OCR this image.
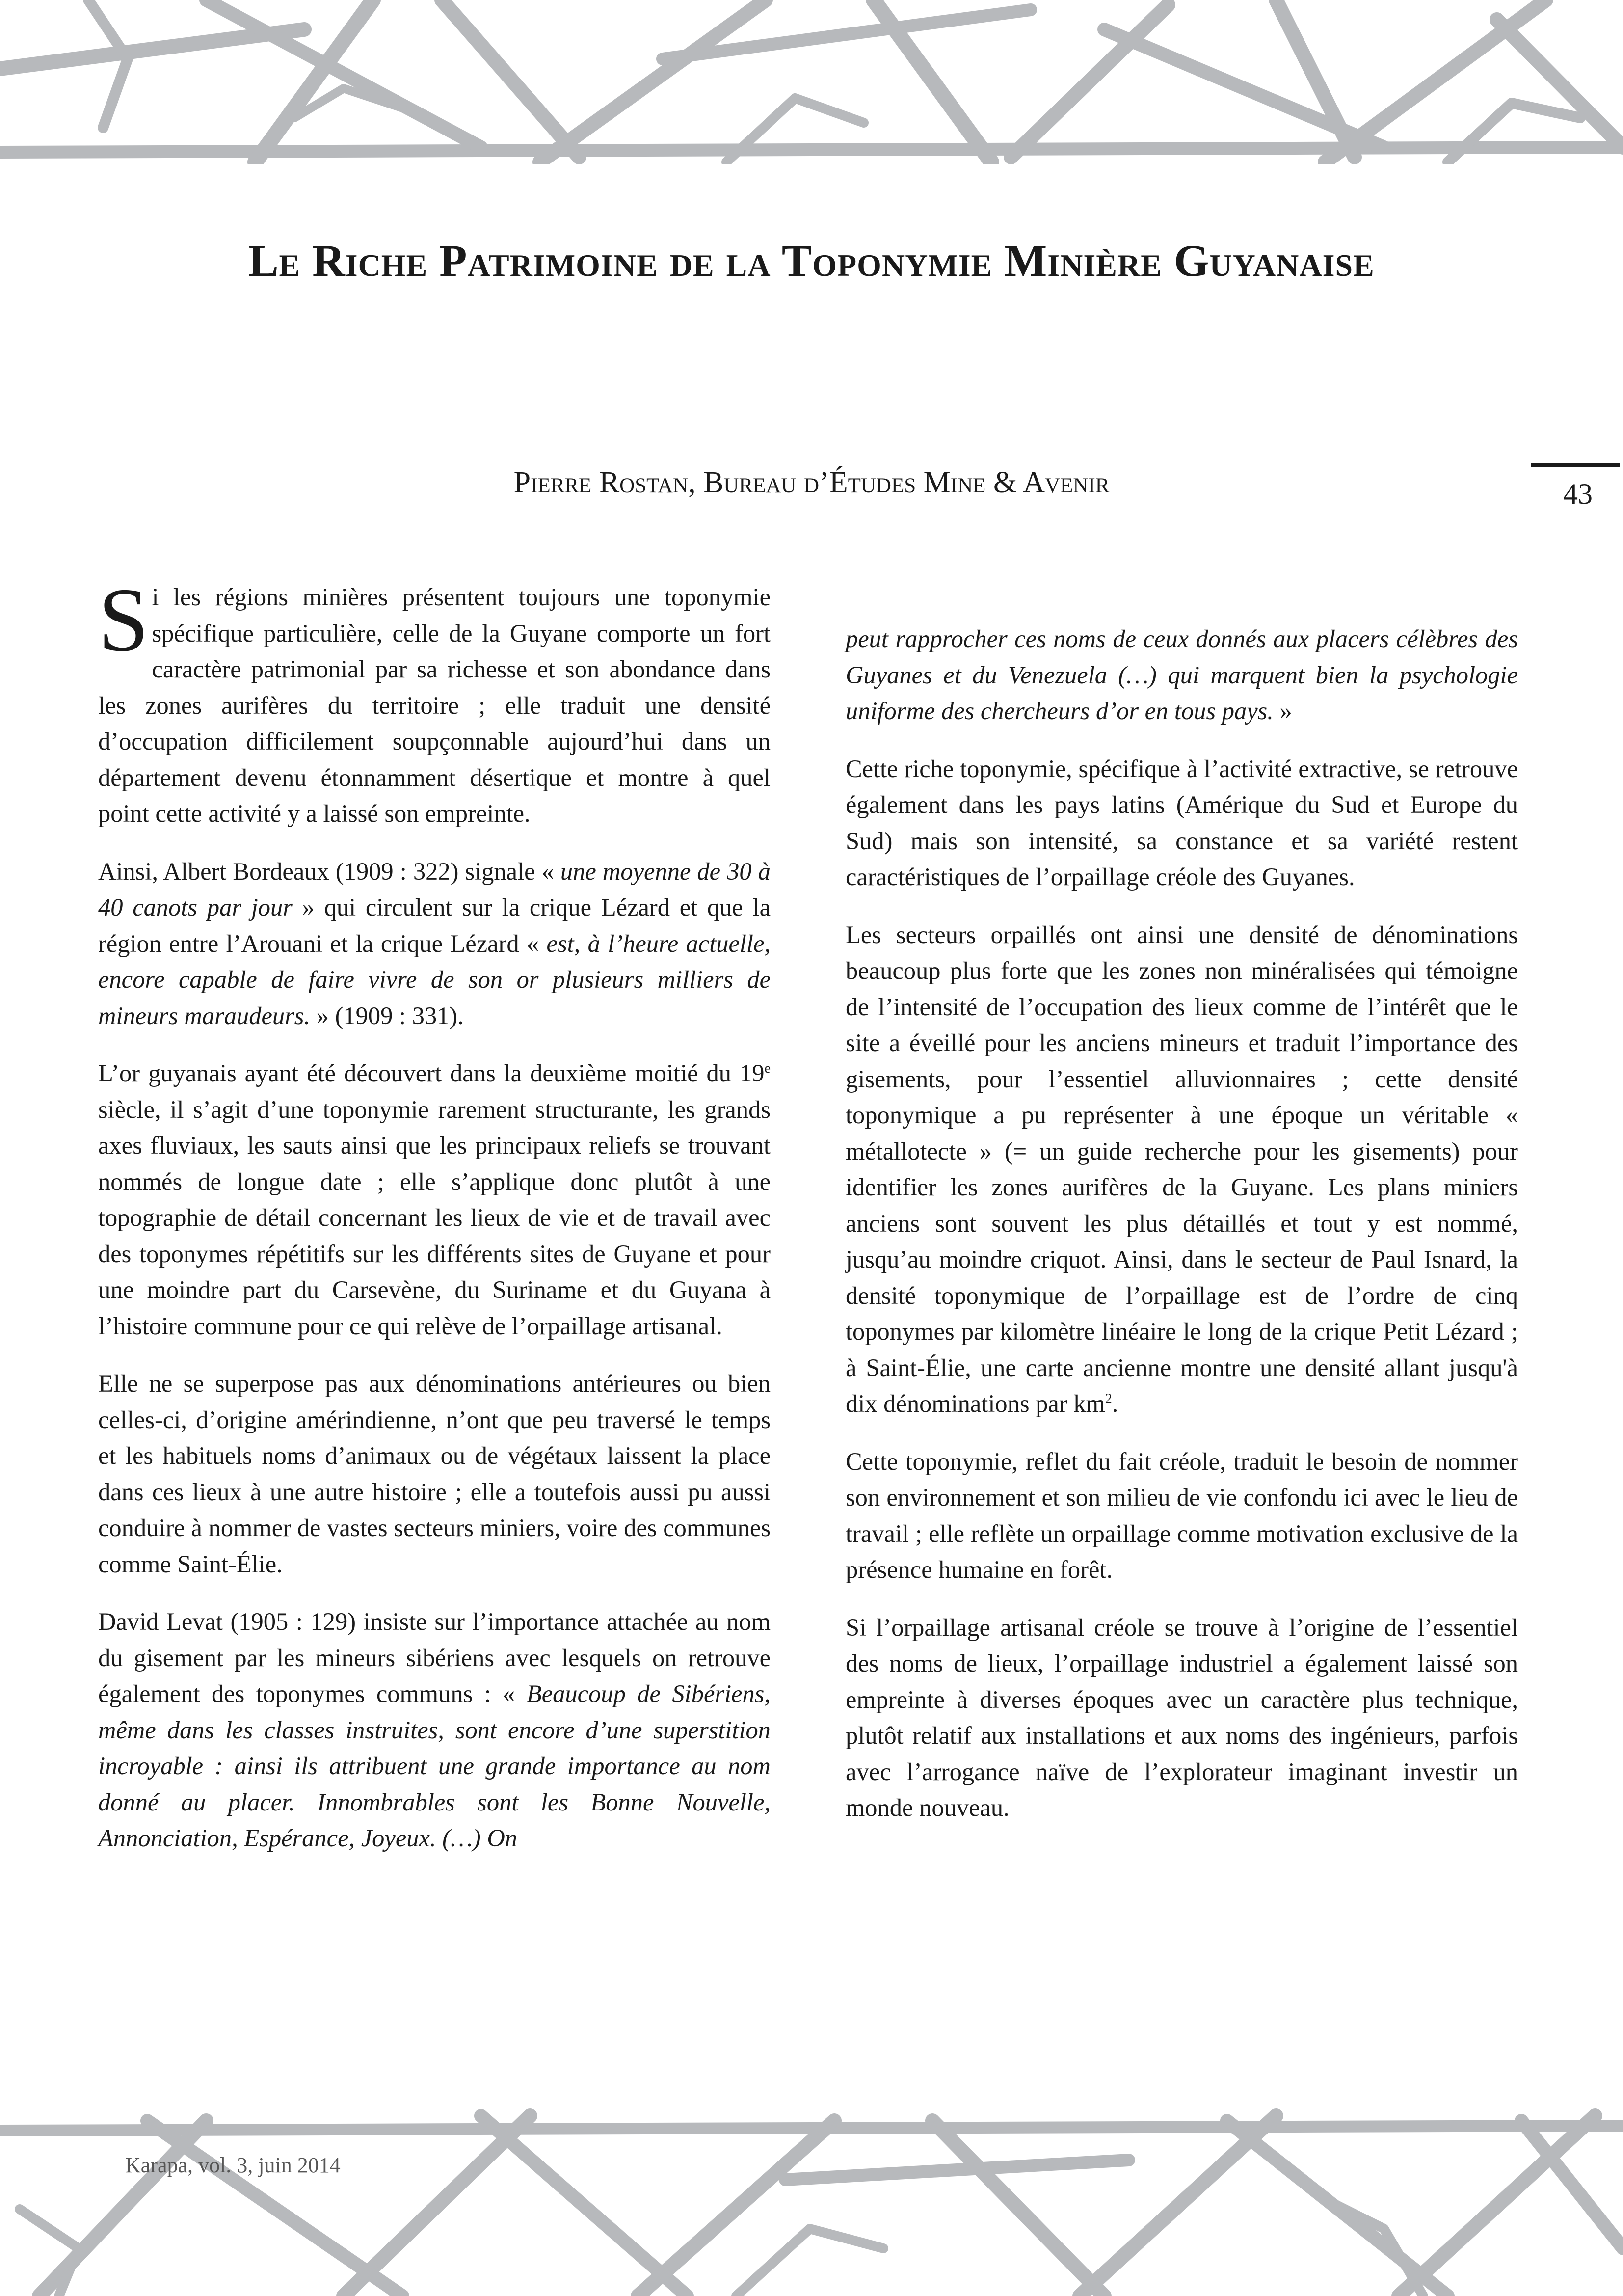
Le Riche Patrimoine de la Toponymie Minière Guyanaise
43

Pierre Rostan, Bureau d’Études Mine & Avenir

Si les régions minières présentent toujours une toponymie spécifique particulière, celle de la Guyane comporte un fort caractère patrimonial par sa richesse et son abondance dans les zones aurifères du territoire ; elle traduit une densité d’occupation difficilement soupçonnable aujourd’hui dans un département devenu étonnamment désertique et montre à quel point cette activité y a laissé son empreinte.

Ainsi, Albert Bordeaux (1909 : 322) signale « une moyenne de 30 à 40 canots par jour » qui circulent sur la crique Lézard et que la région entre l’Arouani et la crique Lézard « est, à l’heure actuelle, encore capable de faire vivre de son or plusieurs milliers de mineurs maraudeurs. » (1909 : 331).

L’or guyanais ayant été découvert dans la deuxième moitié du 19e siècle, il s’agit d’une toponymie rarement structurante, les grands axes fluviaux, les sauts ainsi que les principaux reliefs se trouvant nommés de longue date ; elle s’applique donc plutôt à une topographie de détail concernant les lieux de vie et de travail avec des toponymes répétitifs sur les différents sites de Guyane et pour une moindre part du Carsevène, du Suriname et du Guyana à l’histoire commune pour ce qui relève de l’orpaillage artisanal.

Elle ne se superpose pas aux dénominations antérieures ou bien celles-ci, d’origine amérindienne, n’ont que peu traversé le temps et les habituels noms d’animaux ou de végétaux laissent la place dans ces lieux à une autre histoire ; elle a toutefois aussi pu aussi conduire à nommer de vastes secteurs miniers, voire des communes comme Saint-Élie.

David Levat (1905 : 129) insiste sur l’importance attachée au nom du gisement par les mineurs sibériens avec lesquels on retrouve également des toponymes communs : « Beaucoup de Sibériens, même dans les classes instruites, sont encore d’une superstition incroyable : ainsi ils attribuent une grande importance au nom donné au placer. Innombrables sont les Bonne Nouvelle, Annonciation, Espérance, Joyeux. (…) On

peut rapprocher ces noms de ceux donnés aux placers célèbres des Guyanes et du Venezuela (…) qui marquent bien la psychologie uniforme des chercheurs d’or en tous pays. »

Cette riche toponymie, spécifique à l’activité extractive, se retrouve également dans les pays latins (Amérique du Sud et Europe du Sud) mais son intensité, sa constance et sa variété restent caractéristiques de l’orpaillage créole des Guyanes.

Les secteurs orpaillés ont ainsi une densité de dénominations beaucoup plus forte que les zones non minéralisées qui témoigne de l’intensité de l’occupation des lieux comme de l’intérêt que le site a éveillé pour les anciens mineurs et traduit l’importance des gisements, pour l’essentiel alluvionnaires ; cette densité toponymique a pu représenter à une époque un véritable « métallotecte » (= un guide recherche pour les gisements) pour identifier les zones aurifères de la Guyane. Les plans miniers anciens sont souvent les plus détaillés et tout y est nommé, jusqu’au moindre criquot. Ainsi, dans le secteur de Paul Isnard, la densité toponymique de l’orpaillage est de l’ordre de cinq toponymes par kilomètre linéaire le long de la crique Petit Lézard ; à Saint-Élie, une carte ancienne montre une densité allant jusqu'à dix dénominations par $km^2$.

Cette toponymie, reflet du fait créole, traduit le besoin de nommer son environnement et son milieu de vie confondu ici avec le lieu de travail ; elle reflète un orpaillage comme motivation exclusive de la présence humaine en forêt.

Si l’orpaillage artisanal créole se trouve à l’origine de l’essentiel des noms de lieux, l’orpaillage industriel a également laissé son empreinte à diverses époques avec un caractère plus technique, plutôt relatif aux installations et aux noms des ingénieurs, parfois avec l’arrogance naïve de l’explorateur imaginant investir un monde nouveau.

Karapa, vol. 3, juin 2014
